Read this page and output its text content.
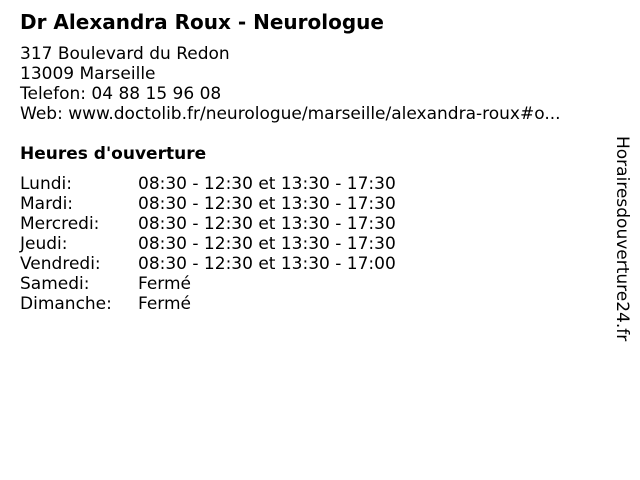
Dr Alexandra Roux - Neurologue
317 Boulevard du Redon
13009 Marseille
Telefon: 04 88 15 96 08
Web: www.doctolib.fr/neurologue/marseille/alexandra-roux#o...
Heures d'ouverture
Lundi:	08:30 - 12:30 et 13:30 - 17:30
Mardi:	08:30 - 12:30 et 13:30 - 17:30
Mercredi:	08:30 - 12:30 et 13:30 - 17:30
Jeudi:	08:30 - 12:30 et 13:30 - 17:30
Vendredi:	08:30 - 12:30 et 13:30 - 17:00
Samedi:	Fermé
Dimanche:	Fermé	Horairesdouverture24.fr
